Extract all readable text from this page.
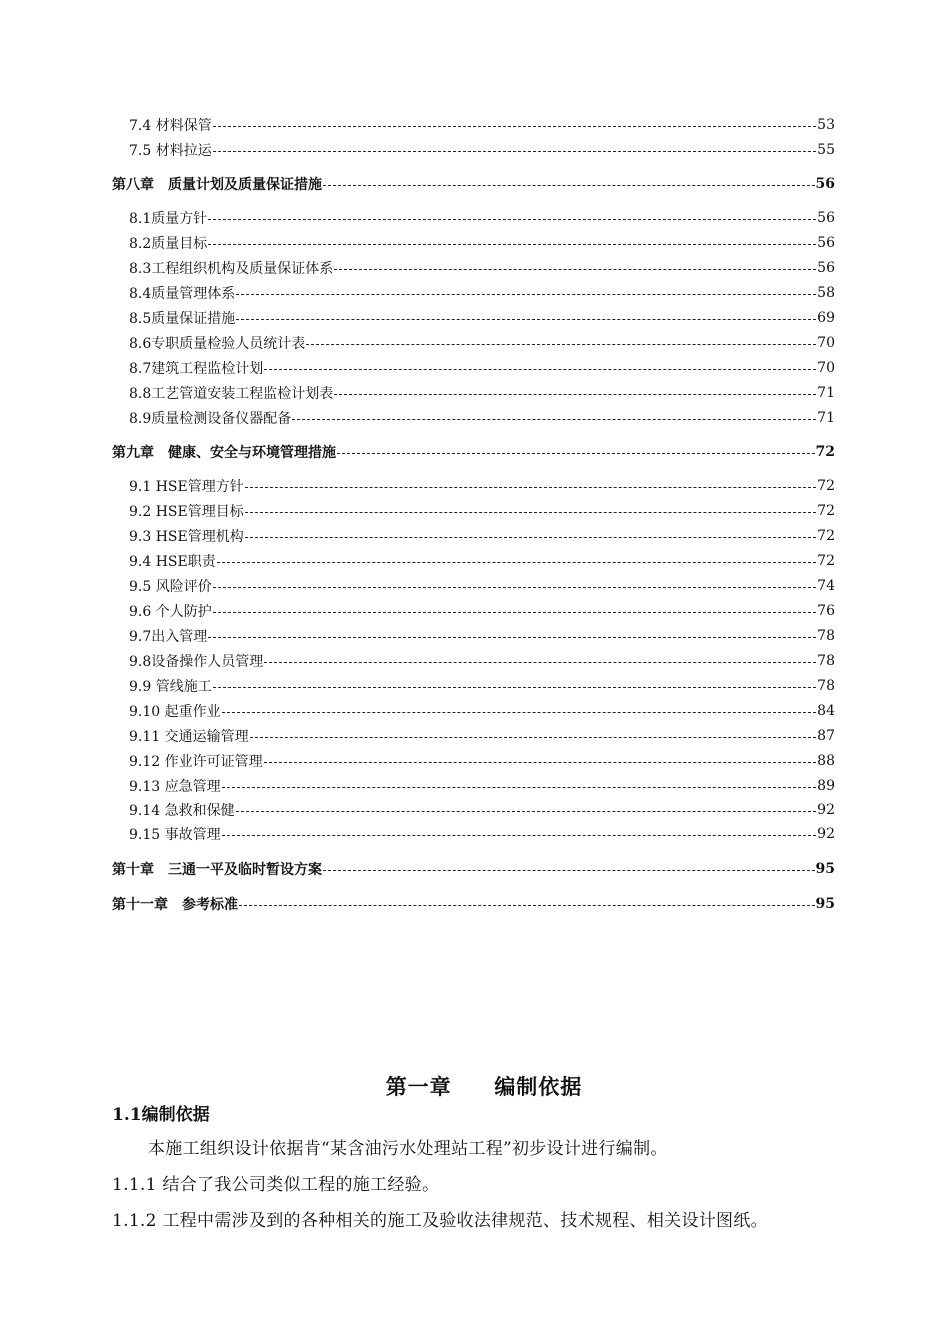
7.4 材料保管	53
7.5 材料拉运	55
第八章　质量计划及质量保证措施	56
8.1质量方针	56
8.2质量目标	56
8.3工程组织机构及质量保证体系	56
8.4质量管理体系	58
8.5质量保证措施	69
8.6专职质量检验人员统计表	70
8.7建筑工程监检计划	70
8.8工艺管道安装工程监检计划表	71
8.9质量检测设备仪器配备	71
第九章　健康、安全与环境管理措施	72
9.1 HSE管理方针	72
9.2 HSE管理目标	72
9.3 HSE管理机构	72
9.4 HSE职责	72
9.5 风险评价	74
9.6 个人防护	76
9.7出入管理	78
9.8设备操作人员管理	78
9.9 管线施工	78
9.10 起重作业	84
9.11 交通运输管理	87
9.12 作业许可证管理	88
9.13 应急管理	89
9.14 急救和保健	92
9.15 事故管理	92
第十章　三通一平及临时暂设方案	95
第十一章　参考标准	95
第一章 编制依据
1.1编制依据
本施工组织设计依据肯“某含油污水处理站工程”初步设计进行编制。
1.1.1 结合了我公司类似工程的施工经验。
1.1.2 工程中需涉及到的各种相关的施工及验收法律规范、技术规程、相关设计图纸。
